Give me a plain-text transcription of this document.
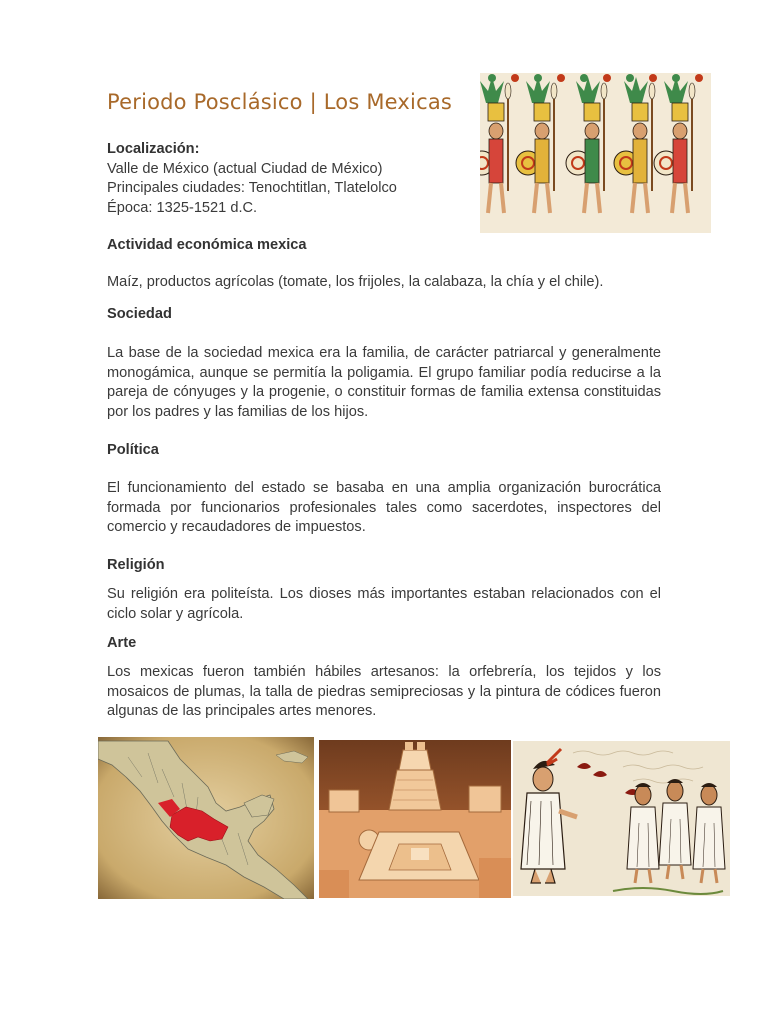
Periodo Posclásico | Los Mexicas
Localización:
Valle de México (actual Ciudad de México)
Principales ciudades: Tenochtitlan, Tlatelolco
Época: 1325-1521 d.C.
Actividad económica mexica
Maíz, productos agrícolas (tomate, los frijoles, la calabaza, la chía y el chile).
Sociedad

La base de la sociedad mexica era la familia, de carácter patriarcal y generalmente monogámica, aunque se permitía la poligamia. El grupo familiar podía reducirse a la pareja de cónyuges y la progenie, o constituir formas de familia extensa constituidas por los padres y las familias de los hijos.

Política

El funcionamiento del estado se basaba en una amplia organización burocrática formada por funcionarios profesionales tales como sacerdotes, inspectores del comercio y recaudadores de impuestos.

Religión

Su religión era politeísta. Los dioses más importantes estaban relacionados con el ciclo solar y agrícola.

Arte

Los mexicas fueron también hábiles artesanos: la orfebrería, los tejidos y los mosaicos de plumas, la talla de piedras semipreciosas y la pintura de códices fueron algunas de las principales artes menores.
